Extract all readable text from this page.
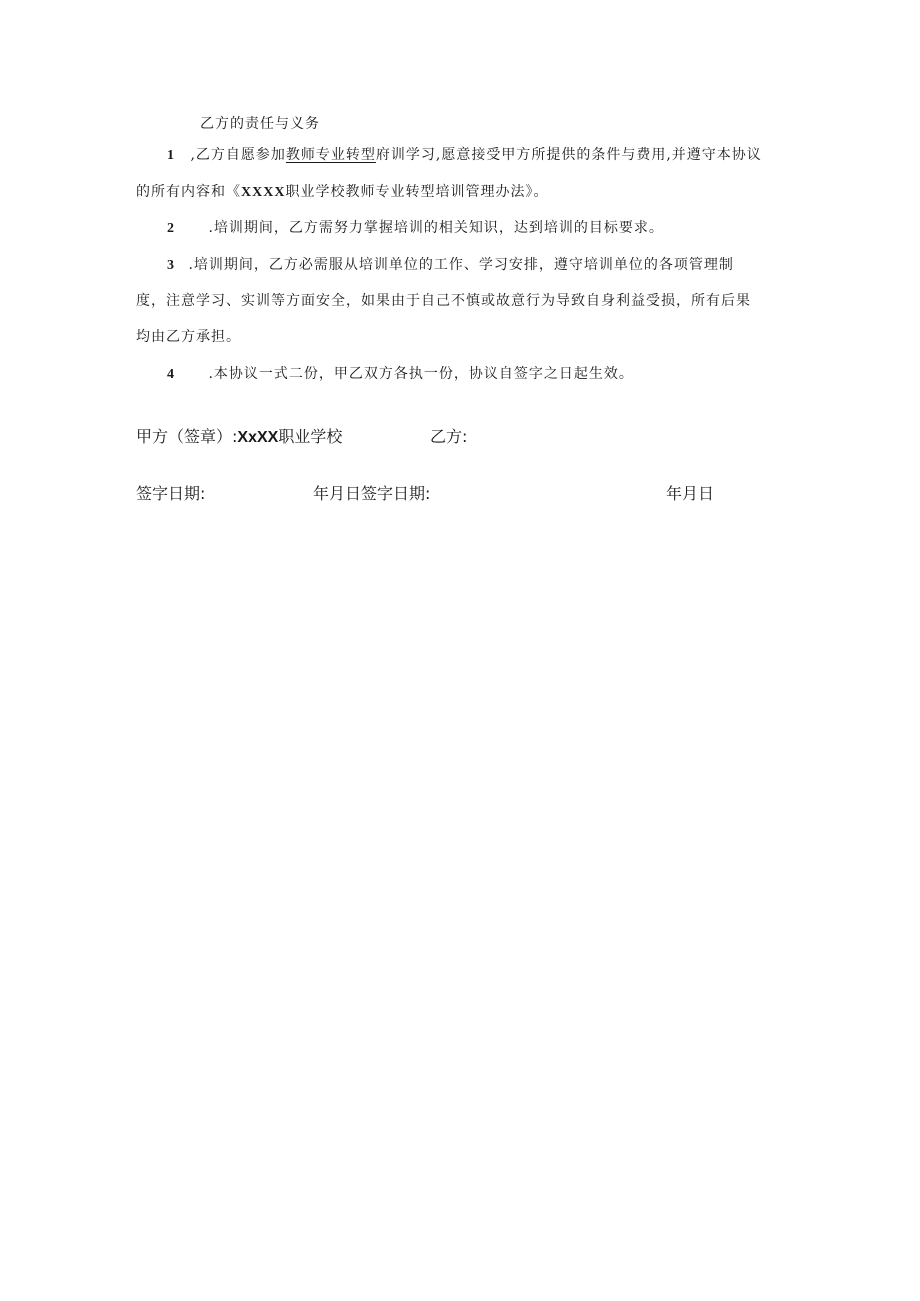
乙方的责任与义务
1 ,乙方自愿参加教师专业转型府训学习,愿意接受甲方所提供的条件与费用,并遵守本协议
的所有内容和《XXXX职业学校教师专业转型培训管理办法》。
2 .培训期间，乙方需努力掌握培训的相关知识，达到培训的目标要求。
3 .培训期间，乙方必需服从培训单位的工作、学习安排，遵守培训单位的各项管理制
度，注意学习、实训等方面安全，如果由于自己不慎或故意行为导致自身利益受损，所有后果
均由乙方承担。
4 .本协议一式二份，甲乙双方各执一份，协议自签字之日起生效。
甲方（签章）:XxXX职业学校	乙方:
签字日期:	年月日签字日期:	年月日
